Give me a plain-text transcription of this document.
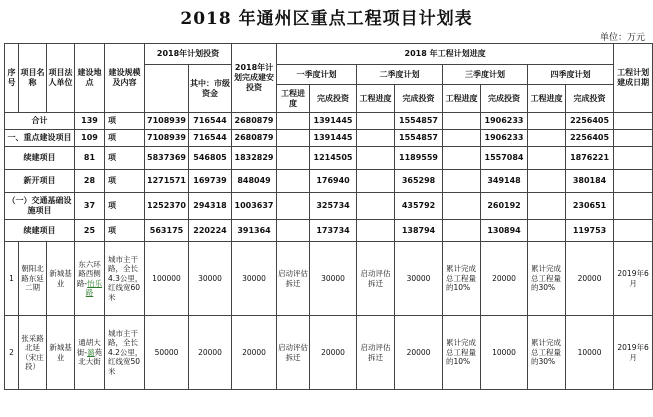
2018 年通州区重点工程项目计划表
单位：万元
序号	项目名称	项目法人单位	建设地点	建设规模及内容	2018年计划投资		2018年计划完成建安投资	2018 年工程计划进度								工程计划建成日期
						其中：市级资金		一季度计划		二季度计划		三季度计划		四季度计划		
								工程进度	完成投资	工程进度	完成投资	工程进度	完成投资	工程进度	完成投资	
合计			139	项	7108939	716544	2680879		1391445		1554857		1906233		2256405	
一、重点建设项目			109	项	7108939	716544	2680879		1391445		1554857		1906233		2256405	
续建项目			81	项	5837369	546805	1832829		1214505		1189559		1557084		1876221	
新开项目			28	项	1271571	169739	848049		176940		365298		349148		380184	
（一）交通基础设施项目			37	项	1252370	294318	1003637		325734		435792		260192		230651	
续建项目			25	项	563175	220224	391364		173734		138794		130894		119753	
1	朝阳北路东延二期	新城基业	东六环路西侧路-怡乐路	城市主干路，全长4.3公里，红线宽60米	100000	30000	30000	启动评估拆迁	30000	启动评估拆迁	30000	累计完成总工程量的10%	20000	累计完成总工程量的30%	20000	2019年6月
2	张采路北延（宋庄段）	新城基业	通胡大街-潞苑北大街	城市主干路，全长4.2公里，红线宽50米	50000	20000	20000	启动评估拆迁	20000	启动评估拆迁	20000	累计完成总工程量的10%	10000	累计完成总工程量的30%	10000	2019年6月
